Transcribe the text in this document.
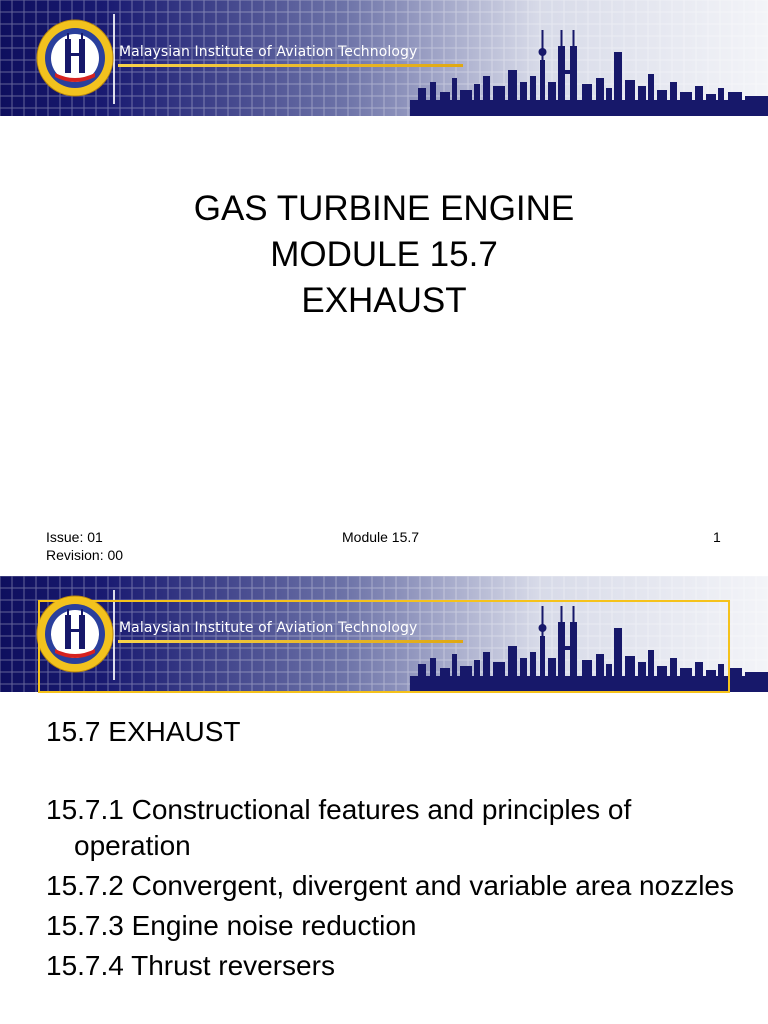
Malaysian Institute of Aviation Technology
GAS TURBINE ENGINE
MODULE 15.7
EXHAUST
Issue: 01
Revision: 00
Module 15.7	1
Malaysian Institute of Aviation Technology
15.7 EXHAUST
15.7.1 Constructional features and principles of operation
15.7.2 Convergent, divergent and variable area nozzles
15.7.3 Engine noise reduction
15.7.4 Thrust reversers
